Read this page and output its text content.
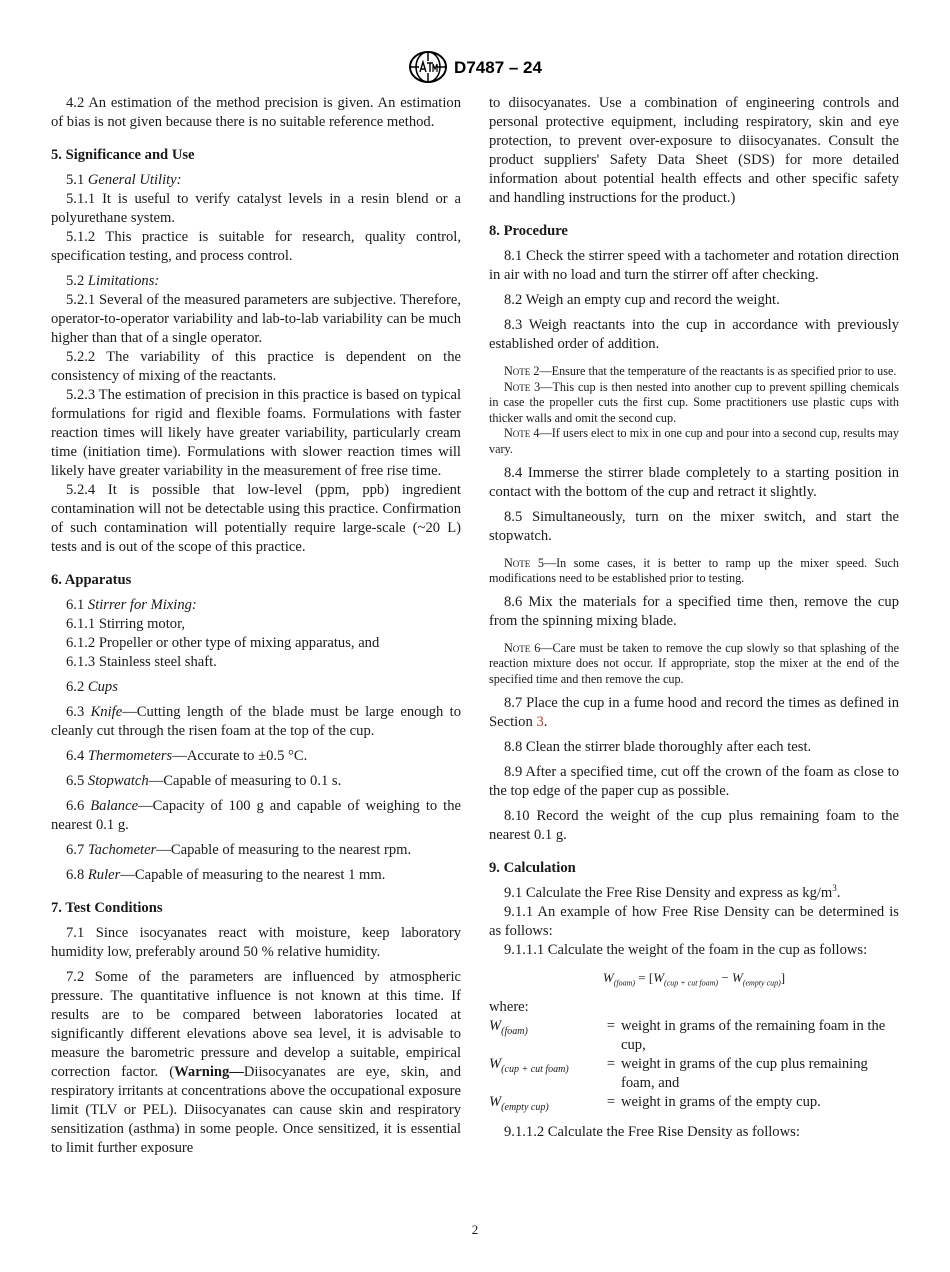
D7487 – 24

4.2 An estimation of the method precision is given. An estimation of bias is not given because there is no suitable reference method.

5. Significance and Use

5.1 General Utility:

5.1.1 It is useful to verify catalyst levels in a resin blend or a polyurethane system.

5.1.2 This practice is suitable for research, quality control, specification testing, and process control.

5.2 Limitations:

5.2.1 Several of the measured parameters are subjective. Therefore, operator-to-operator variability and lab-to-lab variability can be much higher than that of a single operator.

5.2.2 The variability of this practice is dependent on the consistency of mixing of the reactants.

5.2.3 The estimation of precision in this practice is based on typical formulations for rigid and flexible foams. Formulations with faster reaction times will likely have greater variability, particularly cream time (initiation time). Formulations with slower reaction times will likely have greater variability in the measurement of free rise time.

5.2.4 It is possible that low-level (ppm, ppb) ingredient contamination will not be detectable using this practice. Confirmation of such contamination will potentially require large-scale (~20 L) tests and is out of the scope of this practice.

6. Apparatus

6.1 Stirrer for Mixing:

6.1.1 Stirring motor,

6.1.2 Propeller or other type of mixing apparatus, and

6.1.3 Stainless steel shaft.

6.2 Cups

6.3 Knife—Cutting length of the blade must be large enough to cleanly cut through the risen foam at the top of the cup.

6.4 Thermometers—Accurate to ±0.5 °C.

6.5 Stopwatch—Capable of measuring to 0.1 s.

6.6 Balance—Capacity of 100 g and capable of weighing to the nearest 0.1 g.

6.7 Tachometer—Capable of measuring to the nearest rpm.

6.8 Ruler—Capable of measuring to the nearest 1 mm.

7. Test Conditions

7.1 Since isocyanates react with moisture, keep laboratory humidity low, preferably around 50 % relative humidity.

7.2 Some of the parameters are influenced by atmospheric pressure. The quantitative influence is not known at this time. If results are to be compared between laboratories located at significantly different elevations above sea level, it is advisable to measure the barometric pressure and develop a suitable, empirical correction factor. (Warning—Diisocyanates are eye, skin, and respiratory irritants at concentrations above the occupational exposure limit (TLV or PEL). Diisocyanates can cause skin and respiratory sensitization (asthma) in some people. Once sensitized, it is essential to limit further exposure

to diisocyanates. Use a combination of engineering controls and personal protective equipment, including respiratory, skin and eye protection, to prevent over-exposure to diisocyanates. Consult the product suppliers' Safety Data Sheet (SDS) for more detailed information about potential health effects and other specific safety and handling instructions for the product.)

8. Procedure

8.1 Check the stirrer speed with a tachometer and rotation direction in air with no load and turn the stirrer off after checking.

8.2 Weigh an empty cup and record the weight.

8.3 Weigh reactants into the cup in accordance with previously established order of addition.

Note 2—Ensure that the temperature of the reactants is as specified prior to use.

Note 3—This cup is then nested into another cup to prevent spilling chemicals in case the propeller cuts the first cup. Some practitioners use plastic cups with thicker walls and omit the second cup.

Note 4—If users elect to mix in one cup and pour into a second cup, results may vary.

8.4 Immerse the stirrer blade completely to a starting position in contact with the bottom of the cup and retract it slightly.

8.5 Simultaneously, turn on the mixer switch, and start the stopwatch.

Note 5—In some cases, it is better to ramp up the mixer speed. Such modifications need to be established prior to testing.

8.6 Mix the materials for a specified time then, remove the cup from the spinning mixing blade.

Note 6—Care must be taken to remove the cup slowly so that splashing of the reaction mixture does not occur. If appropriate, stop the mixer at the end of the specified time and then remove the cup.

8.7 Place the cup in a fume hood and record the times as defined in Section 3.

8.8 Clean the stirrer blade thoroughly after each test.

8.9 After a specified time, cut off the crown of the foam as close to the top edge of the paper cup as possible.

8.10 Record the weight of the cup plus remaining foam to the nearest 0.1 g.

9. Calculation

9.1 Calculate the Free Rise Density and express as $kg/m^3$.

9.1.1 An example of how Free Rise Density can be determined is as follows:

9.1.1.1 Calculate the weight of the foam in the cup as follows:

$W_{(foam)} = [W_{(cup + cut foam)} - W_{(empty cup)}]$

where:

$W_{(foam)}$	= weight in grams of the remaining foam in the cup,
$W_{(cup + cut foam)}$	= weight in grams of the cup plus remaining foam, and
$W_{(empty cup)}$	= weight in grams of the empty cup.

9.1.1.2 Calculate the Free Rise Density as follows:

2
